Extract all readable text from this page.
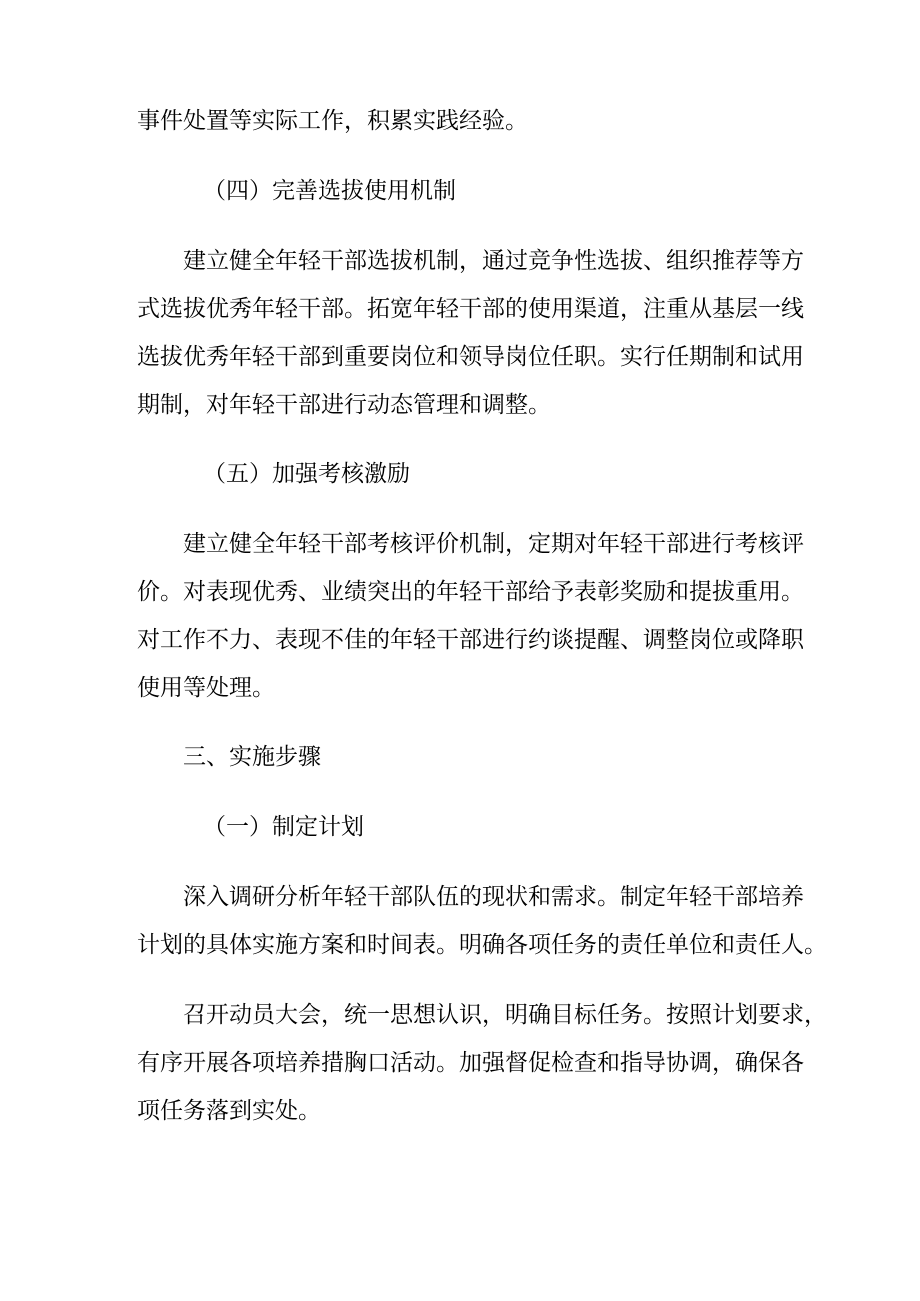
事件处置等实际工作，积累实践经验。
（四）完善选拔使用机制
建立健全年轻干部选拔机制，通过竞争性选拔、组织推荐等方
式选拔优秀年轻干部。拓宽年轻干部的使用渠道，注重从基层一线
选拔优秀年轻干部到重要岗位和领导岗位任职。实行任期制和试用
期制，对年轻干部进行动态管理和调整。
（五）加强考核激励
建立健全年轻干部考核评价机制，定期对年轻干部进行考核评
价。对表现优秀、业绩突出的年轻干部给予表彰奖励和提拔重用。
对工作不力、表现不佳的年轻干部进行约谈提醒、调整岗位或降职
使用等处理。
三、实施步骤
（一）制定计划
深入调研分析年轻干部队伍的现状和需求。制定年轻干部培养
计划的具体实施方案和时间表。明确各项任务的责任单位和责任人。
召开动员大会，统一思想认识，明确目标任务。按照计划要求，
有序开展各项培养措胸口活动。加强督促检查和指导协调，确保各
项任务落到实处。
